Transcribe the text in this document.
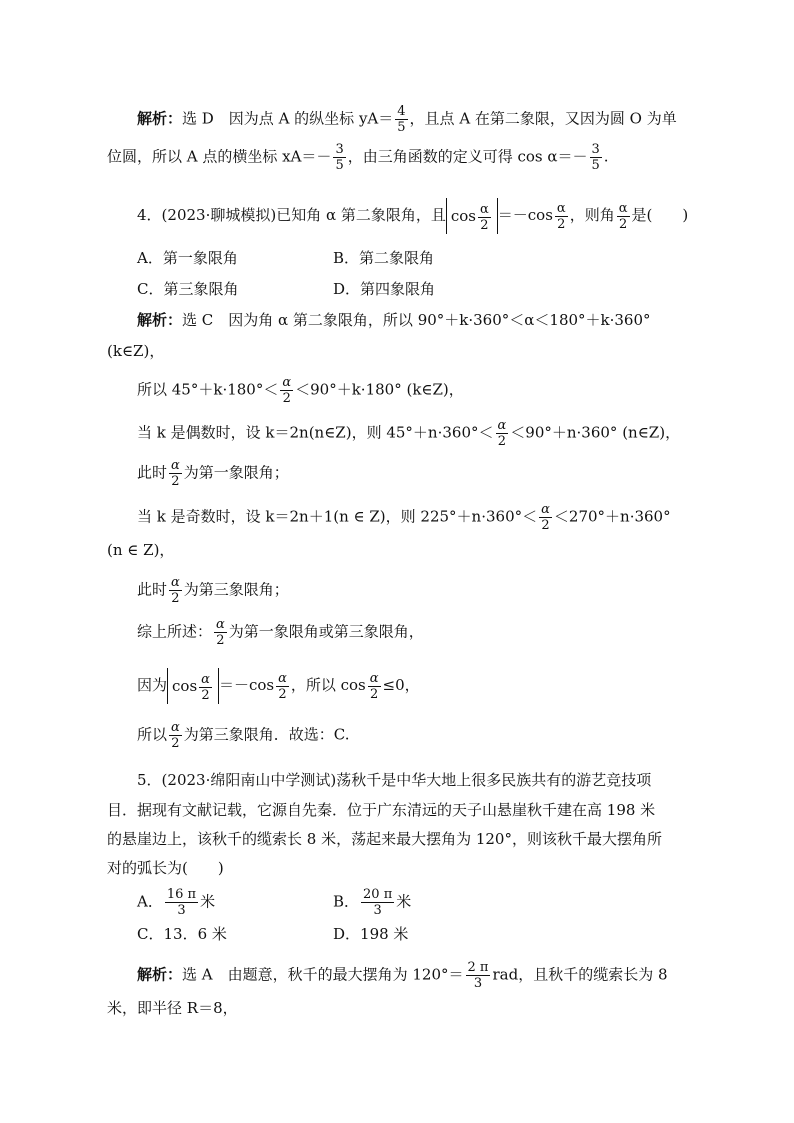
解析：选 D　因为点 A 的纵坐标 $yA= \frac{4}{5}$ ，且点 A 在第二象限，又因为圆 O 为单
位圆，所以 A 点的横坐标 $xA=- \frac{3}{5}$ ，由三角函数的定义可得 $\cos \alpha=- \frac{3}{5}$ .
4．(2023·聊城模拟)已知角 α 第二象限角，且 $\cos \frac{\alpha}{2} =-\cos \frac{\alpha}{2}$ ，则角 $\frac{\alpha}{2}$ 是(　　)
A．第一象限角	B．第二象限角
C．第三象限角	D．第四象限角
解析：选 C　因为角 α 第二象限角，所以 90°＋k·360°＜α＜180°＋k·360°
(k∈Z)，
所以 $45^\circ+k\cdot 180^\circ< \frac{\alpha}{2} <90^\circ+k\cdot 180^\circ$ (k∈Z)，
当 k 是偶数时，设 k＝2n(n∈Z)，则 $45^\circ+n\cdot 360^\circ< \frac{\alpha}{2} <90^\circ+n\cdot 360^\circ$ (n∈Z)，
此时 $\frac{\alpha}{2}$ 为第一象限角；
当 k 是奇数时，设 k＝2n＋1(n ∈ Z)，则 $225^\circ+n\cdot 360^\circ< \frac{\alpha}{2} <270^\circ+n\cdot 360^\circ$
(n ∈ Z)，
此时 $\frac{\alpha}{2}$ 为第三象限角；
综上所述： $\frac{\alpha}{2}$ 为第一象限角或第三象限角，
因为 $\cos \frac{\alpha}{2} =-\cos \frac{\alpha}{2}$ ，所以 $\cos \frac{\alpha}{2} \le 0$，
所以 $\frac{\alpha}{2}$ 为第三象限角．故选：C.
5．(2023·绵阳南山中学测试)荡秋千是中华大地上很多民族共有的游艺竞技项
目．据现有文献记载，它源自先秦．位于广东清远的天子山悬崖秋千建在高 198 米
的悬崖边上，该秋千的缆索长 8 米，荡起来最大摆角为 120°，则该秋千最大摆角所
对的弧长为(　　)
A． $\frac{16 \pi}{3}$ 米	B． $\frac{20 \pi}{3}$ 米
C．13．6 米	D．198 米
解析：选 A　由题意，秋千的最大摆角为 $120^\circ= \frac{2 \pi}{3}$ rad，且秋千的缆索长为 8
米，即半径 R＝8，
